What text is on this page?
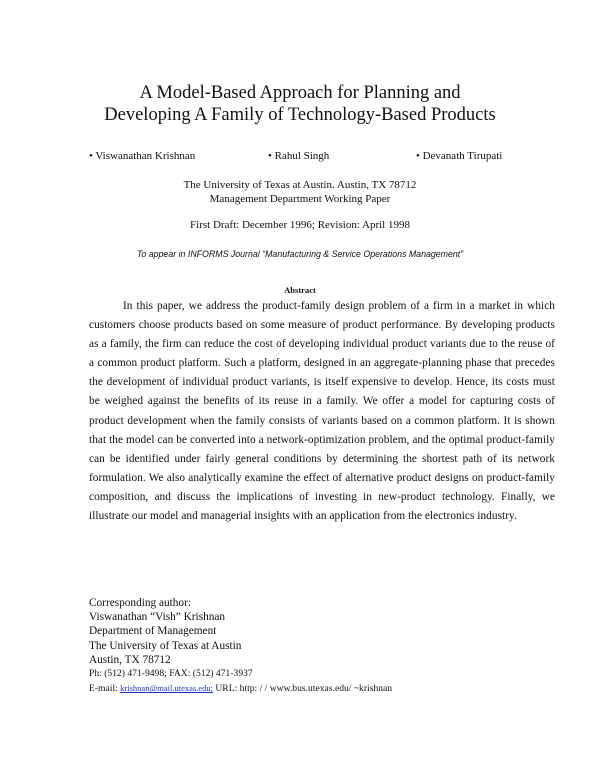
A Model-Based Approach for Planning and
Developing A Family of Technology-Based Products
• Viswanathan Krishnan	• Rahul Singh	• Devanath Tirupati
The University of Texas at Austin. Austin, TX 78712
Management Department Working Paper
First Draft: December 1996; Revision: April 1998
To appear in INFORMS Journal “Manufacturing & Service Operations Management”
Abstract
In this paper, we address the product-family design problem of a firm in a market in which customers choose products based on some measure of product performance. By developing products as a family, the firm can reduce the cost of developing individual product variants due to the reuse of a common product platform. Such a platform, designed in an aggregate-planning phase that precedes the development of individual product variants, is itself expensive to develop. Hence, its costs must be weighed against the benefits of its reuse in a family. We offer a model for capturing costs of product development when the family consists of variants based on a common platform. It is shown that the model can be converted into a network-optimization problem, and the optimal product-family can be identified under fairly general conditions by determining the shortest path of its network formulation. We also analytically examine the effect of alternative product designs on product-family composition, and discuss the implications of investing in new-product technology. Finally, we illustrate our model and managerial insights with an application from the electronics industry.
Corresponding author:
Viswanathan “Vish” Krishnan
Department of Management
The University of Texas at Austin
Austin, TX 78712
Ph: (512) 471-9498; FAX: (512) 471-3937
E-mail: krishnan@mail.utexas.edu; URL: http: / / www.bus.utexas.edu/ ~krishnan
